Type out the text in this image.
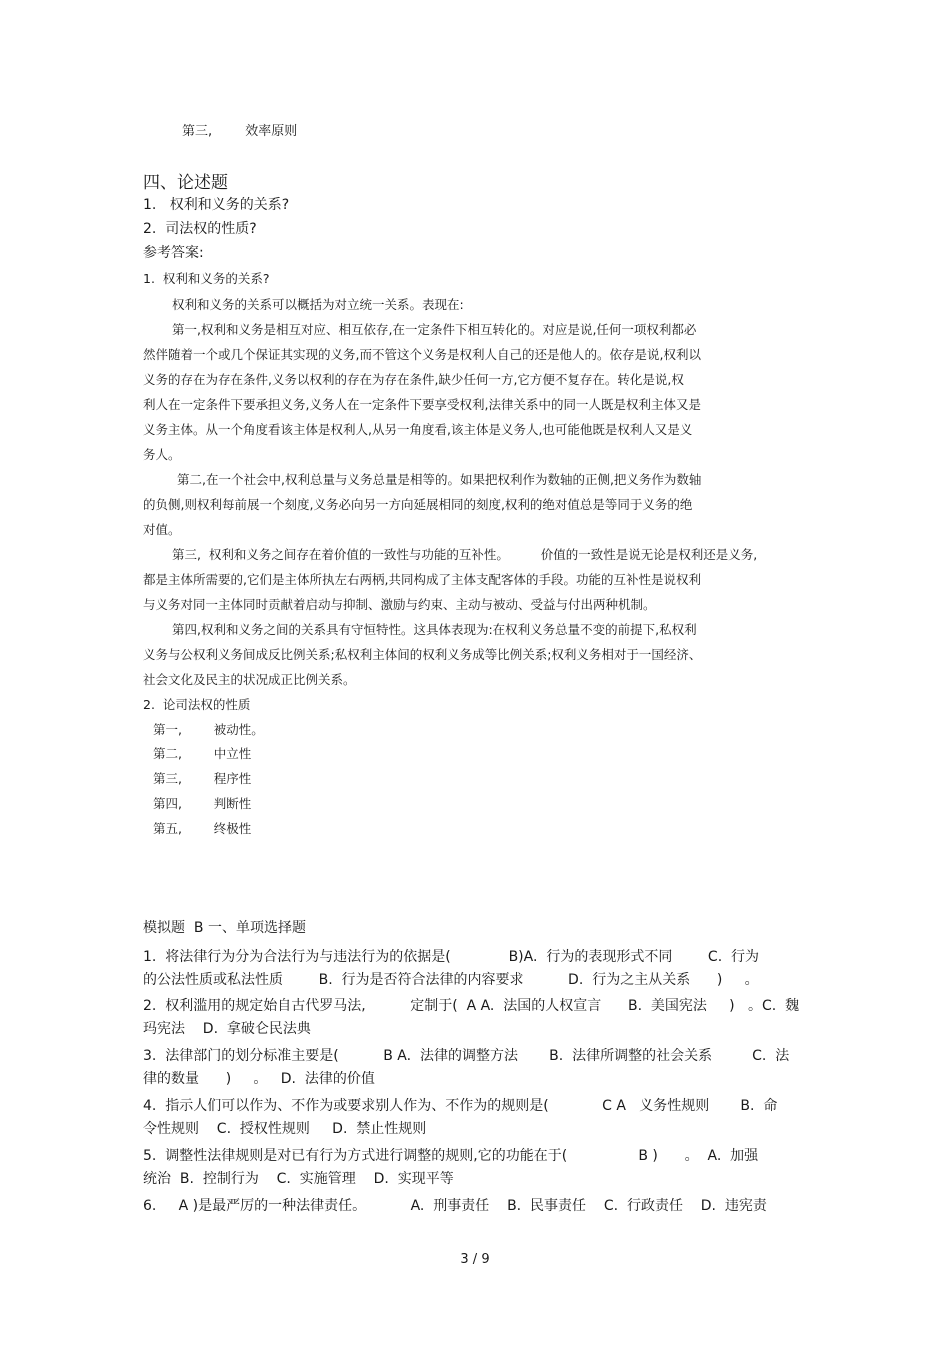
第三,        效率原则
四、论述题
1.   权利和义务的关系?
2.  司法权的性质?
参考答案:
1.  权利和义务的关系?
权利和义务的关系可以概括为对立统一关系。表现在:
第一,权利和义务是相互对应、相互依存,在一定条件下相互转化的。对应是说,任何一项权利都必
然伴随着一个或几个保证其实现的义务,而不管这个义务是权利人自己的还是他人的。依存是说,权利以
义务的存在为存在条件,义务以权利的存在为存在条件,缺少任何一方,它方便不复存在。转化是说,权
利人在一定条件下要承担义务,义务人在一定条件下要享受权利,法律关系中的同一人既是权利主体又是
义务主体。从一个角度看该主体是权利人,从另一角度看,该主体是义务人,也可能他既是权利人又是义
务人。
第二,在一个社会中,权利总量与义务总量是相等的。如果把权利作为数轴的正侧,把义务作为数轴
的负侧,则权利每前展一个刻度,义务必向另一方向延展相同的刻度,权利的绝对值总是等同于义务的绝
对值。
第三,  权利和义务之间存在着价值的一致性与功能的互补性。        价值的一致性是说无论是权利还是义务,
都是主体所需要的,它们是主体所执左右两柄,共同构成了主体支配客体的手段。功能的互补性是说权利
与义务对同一主体同时贡献着启动与抑制、激励与约束、主动与被动、受益与付出两种机制。
第四,权利和义务之间的关系具有守恒特性。这具体表现为:在权利义务总量不变的前提下,私权利
义务与公权利义务间成反比例关系;私权利主体间的权利义务成等比例关系;权利义务相对于一国经济、
社会文化及民主的状况成正比例关系。
2.  论司法权的性质
第一,        被动性。
第二,        中立性
第三,        程序性
第四,        判断性
第五,        终极性
模拟题  B 一、单项选择题
1.  将法律行为分为合法行为与违法行为的依据是(             B)A.  行为的表现形式不同        C.  行为
的公法性质或私法性质        B.  行为是否符合法律的内容要求          D.  行为之主从关系      )     。
2.  权利滥用的规定始自古代罗马法,          定制于(  A A.  法国的人权宣言      B.  美国宪法     )   。C.  魏
玛宪法    D.  拿破仑民法典
3.  法律部门的划分标准主要是(          B A.  法律的调整方法       B.  法律所调整的社会关系         C.  法
律的数量      )     。   D.  法律的价值
4.  指示人们可以作为、不作为或要求别人作为、不作为的规则是(            C A   义务性规则       B.  命
令性规则    C.  授权性规则     D.  禁止性规则
5.  调整性法律规则是对已有行为方式进行调整的规则,它的功能在于(                B )      。  A.  加强
统治  B.  控制行为    C.  实施管理    D.  实现平等
6.     A )是最严厉的一种法律责任。          A.  刑事责任    B.  民事责任    C.  行政责任    D.  违宪责
3 / 9
